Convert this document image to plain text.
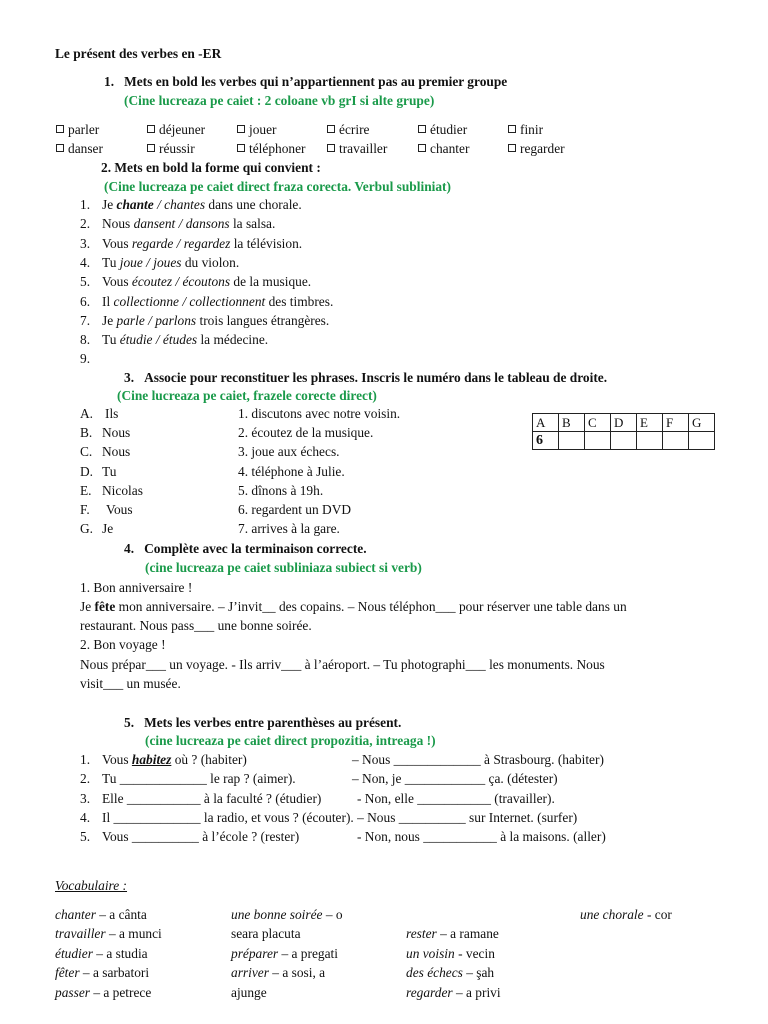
Le présent des verbes en -ER
1. Mets en bold les verbes qui n’appartiennent pas au premier groupe
(Cine lucreaza pe caiet : 2 coloane vb grI si alte grupe)
parler	déjeuner	jouer	écrire	étudier	finir
danser	réussir	téléphoner	travailler	chanter	regarder
2. Mets en bold la forme qui convient :
(Cine lucreaza pe caiet direct fraza corecta. Verbul subliniat)
1. Je chante / chantes dans une chorale.
2. Nous dansent / dansons la salsa.
3. Vous regarde / regardez la télévision.
4. Tu joue / joues du violon.
5. Vous écoutez / écoutons de la musique.
6. Il collectionne / collectionnent des timbres.
7. Je parle / parlons trois langues étrangères.
8. Tu étudie / études la médecine.
9.
3. Associe pour reconstituer les phrases. Inscris le numéro dans le tableau de droite.
(Cine lucreaza pe caiet, frazele corecte direct)
A. Ils	1. discutons avec notre voisin.
B. Nous	2. écoutez de la musique.
C. Nous	3. joue aux échecs.
D. Tu	4. téléphone à Julie.
E. Nicolas	5. dînons à 19h.
F. Vous	6. regardent un DVD
G. Je	7. arrives à la gare.
A	B	C	D	E	F	G
6						
4. Complète avec la terminaison correcte.
(cine lucreaza pe caiet subliniaza subiect si verb)
1. Bon anniversaire !
Je fête mon anniversaire. – J’invit__ des copains. – Nous téléphon___ pour réserver une table dans un
restaurant. Nous pass___ une bonne soirée.
2. Bon voyage !
Nous prépar___ un voyage. - Ils arriv___ à l’aéroport. – Tu photographi___ les monuments. Nous
visit___ un musée.
5. Mets les verbes entre parenthèses au présent.
(cine lucreaza pe caiet direct propozitia, intreaga !)
1. Vous habitez où ? (habiter)	– Nous _____________ à Strasbourg. (habiter)
2. Tu _____________ le rap ? (aimer).	– Non, je ____________ ça. (détester)
3. Elle ___________ à la faculté ? (étudier)	- Non, elle ___________ (travailler).
4. Il _____________ la radio, et vous ? (écouter). – Nous __________ sur Internet. (surfer)
5. Vous __________ à l’école ? (rester)	- Non, nous ___________ à la maisons. (aller)
Vocabulaire :
chanter – a cânta
travailler – a munci
étudier – a studia
fêter – a sarbatori
passer – a petrece
une bonne soirée – o
seara placuta
préparer – a pregati
arriver – a sosi, a
ajunge
rester – a ramane
un voisin - vecin
des échecs – şah
regarder – a privi
une chorale - cor
